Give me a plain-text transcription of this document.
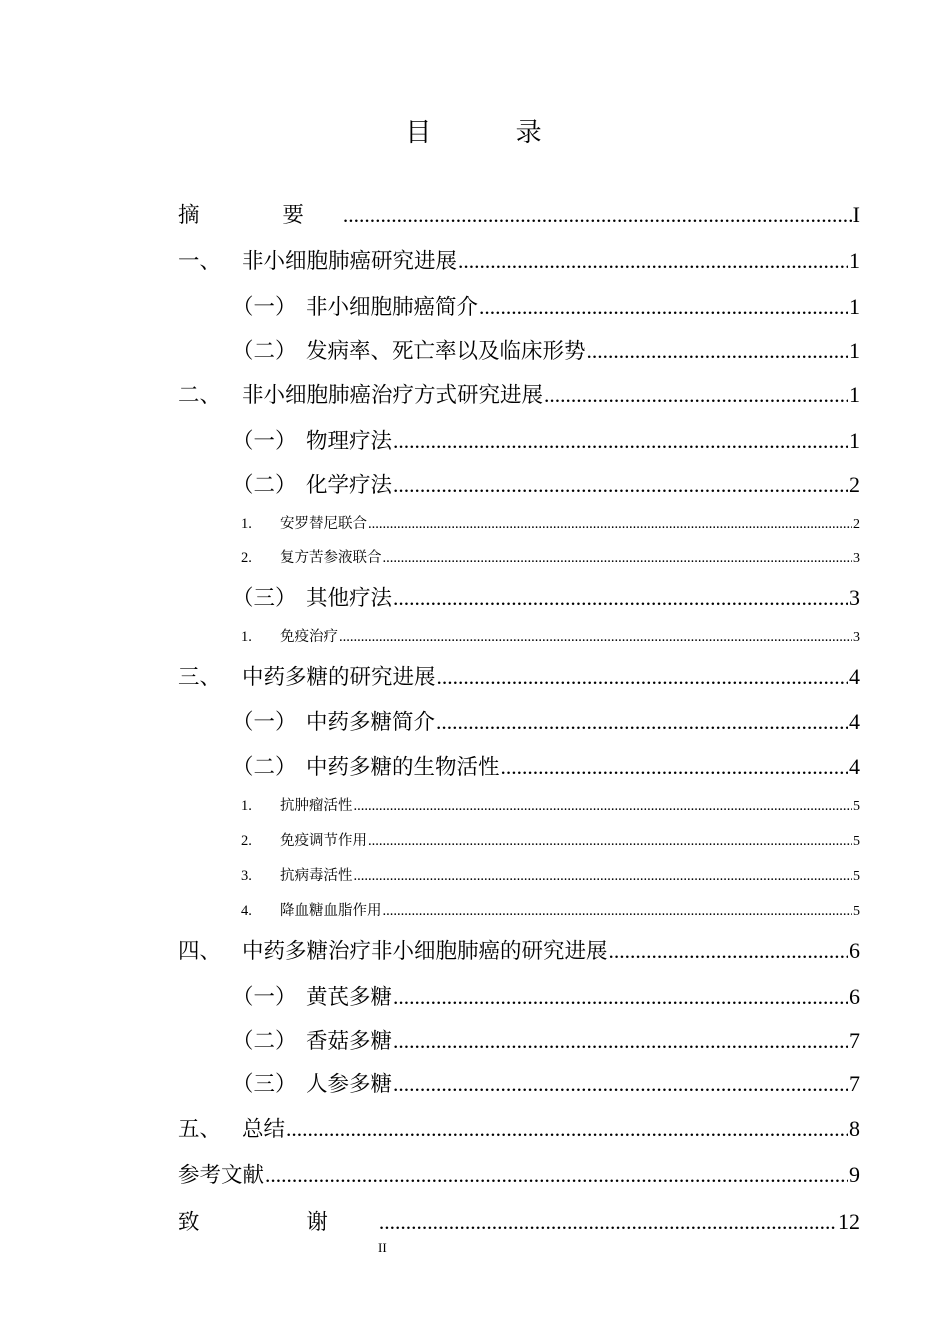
目 录
摘 要 .....	I
一、 非小细胞肺癌研究进展 .....	1
（一） 非小细胞肺癌简介 .....	1
（二） 发病率、死亡率以及临床形势 .....	1
二、 非小细胞肺癌治疗方式研究进展 .....	1
（一） 物理疗法 .....	1
（二） 化学疗法 .....	2
1.	安罗替尼联合 .....	2
2.	复方苦参液联合 .....	3
（三） 其他疗法 .....	3
1.	免疫治疗 .....	3
三、 中药多糖的研究进展 .....	4
（一） 中药多糖简介 .....	4
（二） 中药多糖的生物活性 .....	4
1.	抗肿瘤活性 .....	5
2.	免疫调节作用 .....	5
3.	抗病毒活性 .....	5
4.	降血糖血脂作用 .....	5
四、 中药多糖治疗非小细胞肺癌的研究进展 .....	6
（一） 黄芪多糖 .....	6
（二） 香菇多糖 .....	7
（三） 人参多糖 .....	7
五、 总结 .....	8
参考文献 .....	9
致 谢 .....	12
II
